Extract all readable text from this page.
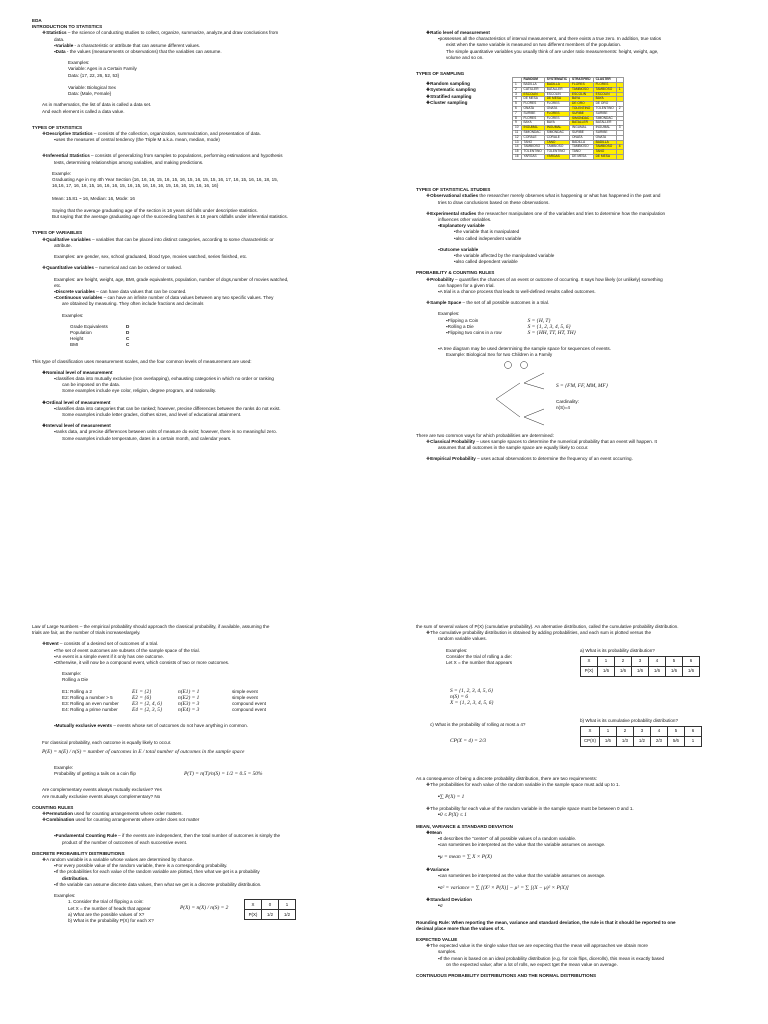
EDA

INTRODUCTION TO STATISTICS

❖ Statistics – the science of conducting studies to collect, organize, summarize, analyze,and draw conclusions from

data.

▪ Variable - a characteristic or attribute that can assume different values.

▪ Data - the values (measurements or observations) that the variables can assume.

Examples:

Variable: Ages in a Certain Family

Data: {17, 22, 26, 52, 53}

Variable: Biological Sex

Data: {Male, Female}

As in mathematics, the list of data is called a data set.

And each element is called a data value.

TYPES OF STATISTICS

❖ Descriptive Statistics – consists of the collection, organization, summarization, and presentation of data.

▪ uses the measures of central tendency (the Triple M a.k.a. mean, median, mode)

❖ Inferential Statistics – consists of generalizing from samples to populations, performing estimations and hypothesis

tests, determining relationships among variables, and making predictions.

Example:

Graduating Age in my 4th Year Section {16, 16, 16, 15, 16, 15, 16, 15, 16, 15, 15, 16, 17, 16, 15, 16, 16, 18, 15,

16,16, 17, 16, 16, 15, 16, 16, 16, 15, 16, 15, 16, 16, 16, 15, 16, 16, 15, 16, 16, 16}

Mean: 15.81 ~ 16, Median: 16, Mode: 16

Saying that the average graduating age of the section is 16 years old falls under descriptive statistics.

But saying that the average graduating age of the succeeding batches is 16 years oldfalls under inferential statistics.

TYPES OF VARIABLES

❖ Qualitative variables – variables that can be placed into distinct categories, according to some characteristic or

attribute.

Examples: are gender, sex, school graduated, blood type, movies watched, series finished, etc.

❖ Quantitative variables – numerical and can be ordered or ranked.

Examples: are height, weight, age, BMI, grade equivalents, population, number of dogs,number of movies watched,

etc.

▪ Discrete variables – can have data values that can be counted.

▪ Continuous variables – can have an infinite number of data values between any two specific values. They

are obtained by measuring. They often include fractions and decimals

Examples:

Grade Equivalents	D

Population	D

Height	C

BMI	C

This type of classification uses measurement scales, and the four common levels of measurement are used:

❖ Nominal level of measurement

▪ classifies data into mutually exclusive (non overlapping), exhausting categories in which no order or ranking

can be imposed on the data.

Some examples include eye color, religion, degree program, and nationality.

❖ Ordinal level of measurement

▪ classifies data into categories that can be ranked; however, precise differences between the ranks do not exist.

Some examples include letter grades, clothes sizes, and level of educational attainment.

❖ Interval level of measurement

▪ ranks data, and precise differences between units of measure do exist; however, there is no meaningful zero.

Some examples include temperature, dates in a certain month, and calendar years.

❖ Ratio level of measurement

▪ possesses all the characteristics of interval measurement, and there exists a true zero. In addition, true ratios

exist when the same variable is measured on two different members of the population.

The simple quantitative variables you usually think of are under ratio measurements: height, weight, age,

volume and so on.

TYPES OF SAMPLING

❖ Random sampling

❖ Systematic sampling

❖ Stratified sampling

❖ Cluster sampling

	RANDOM	SYSTEMATIC	STRATIFIED	CLUSTER	
1	BADILLA	BADILLA	FLORES	FLORES	
2	CATILLER	BATALLER	TAMBIOSO	TAMBIOSO	1
3	ESCOLIN	ESCOLIN	ESCOLIN	ESCOLIN	
4	DE MESA	DE MESA	BAYA	BAYA	
5	FLORES	FLORES	DE ORO	DE ORO	
6	ONATA	ONATA	TOLENTINO	TOLENTINO	2
7	SURIBE	FLORES	SURIBE	SURIBE	
8	FLORES	FLORES	SIMONDAC	SIMONDAC	
9	BAYA	BAYA	BATALLER	BATALLER	
10	INGUMAL	INGUMAL	INGUMAL	INGUMAL	3
11	SIMONDAC	SIMONDAC	SURIBE	SURIBE	
12	CORALE	CORALE	ONATA	ONATA	
13	TANO	TANO	BADILLA	BADILLA	
14	TAMBIOSO	TAMBIOSO	TAMBIOSO	TAMBIOSO	4
15	TOLENTINO	TOLENTINO	TANO	TANO	
16	YARGAS	YARGAS	DE MESA	DE MESA	

TYPES OF STATISTICAL STUDIES

❖ Observational studies the researcher merely observes what is happening or what has happened in the past and

tries to draw conclusions based on these observations.

❖ Experimental studies the researcher manipulates one of the variables and tries to determine how the manipulation

influences other variables.

▪ Explanatory variable

• the variable that is manipulated

• also called independent variable

▪ Outcome variable

• the variable affected by the manipulated variable

• also called dependent variable

PROBABILITY & COUNTING RULES

❖ Probability – quantifies the chances of an event or outcome of occurring. It says how likely (or unlikely) something

can happen for a given trial.

▪ A trial is a chance process that leads to well-defined results called outcomes.

❖ Sample Space – the set of all possible outcomes in a trial.

Examples:

▪ Flipping a Coin	S = {H, T}

▪ Rolling a Die	S = {1, 2, 3, 4, 5, 6}

▪ Flipping two coins in a row	S = {HH, TT, HT, TH}

▪ A tree diagram may be used determining the sample space for sequences of events.

Example: Biological Sex for two Children in a Family

S = {FM, FF, MM, MF}

Cardinality:

n(S)=4

There are two common ways for which probabilities are determined:

❖ Classical Probability – uses sample spaces to determine the numerical probability that an event will happen. It

assumes that all outcomes in the sample space are equally likely to occur.

❖ Empirical Probability – uses actual observations to determine the frequency of an event occurring.

Law of Large Numbers – the empirical probability should approach the classical probability, if available, assuming the

trials are fair, as the number of trials increaseslargely.

❖ Event – consists of a desired set of outcomes of a trial.

▪ The set of event outcomes are subsets of the sample space of the trial.

▪ An event is a simple event if it only has one outcome.

▪ Otherwise, it will now be a compound event, which consists of two or more outcomes.

Example:

Rolling a Die

E1: Rolling a 2	E1 = {2}	n(E1) = 1	simple event

E2: Rolling a number > 5	E2 = {6}	n(E2) = 1	simple event

E3: Rolling an even number E3 = {2, 4, 6}	n(E3) = 3	compound event

E4: Rolling a prime number	E4 = {2, 3, 5}	n(E4) = 3	compound event

▪ Mutually exclusive events – events whose set of outcomes do not have anything in common.

For classical probability, each outcome is equally likely to occur.

P(E) = n(E) / n(S) = number of outcomes in E / total number of outcomes in the sample space

Example:

Probability of getting a tails on a coin flip	P(T) = n(T)/n(S) = 1/2 = 0.5 = 50%

Are complementary events always mutually exclusive? Yes

Are mutually exclusive events always complementary? No

COUNTING RULES

❖ Permutation used for counting arrangements where order matters.

❖ Combination used for counting arrangements where order does not matter

▪ Fundamental Counting Rule – if the events are independent, then the total number of outcomes is simply the

product of the number of outcomes of each successive event.

DISCRETE PROBABILITY DISTRIBUTIONS

❖ A random variable is a variable whose values are determined by chance.

▪ For every possible value of the random variable, there is a corresponding probability.

▪ If the probabilities for each value of the random variable are plotted, then what we get is a probability

distribution.

▪ If the variable can assume discrete data values, then what we get is a discrete probability distribution.

Examples:

1. Consider the trial of flipping a coin:

Let X = the number of heads that appear

a) What are the possible values of X?

b) What is the probability P(X) for each X?

P(X) = n(X) / n(S) = 2
X	0	1
P(X)	1/2	1/2

the sum of several values of P(X) (cumulative probability). An alternative distribution, called the cumulative probability distribution.

❖ The cumulative probability distribution is obtained by adding probabilities, and each sum is plotted versus the

random variable values.

Examples:

Consider the trial of rolling a die:

Let X = the number that appears

S = {1, 2, 3, 4, 5, 6}

n(S) = 6

X = {1, 2, 3, 4, 5, 6}

c) What is the probability of rolling at most a 4?

CP(X = 4) = 2/3

a) What is its probability distribution?

X	1	2	3	4	5	6
P(X)	1/6	1/6	1/6	1/6	1/6	1/6

b) What is its cumulative probability distribution?

X	1	2	3	4	5	6
CP(X)	1/6	1/3	1/2	2/3	5/6	1

As a consequence of being a discrete probability distribution, there are two requirements:

❖ The probabilities for each value of the random variable in the sample space must add up to 1.

▪ ∑ P(X) = 1

❖ The probability for each value of the random variable in the sample space must be between 0 and 1.

▪ 0 ≤ P(X) ≤ 1

MEAN, VARIANCE & STANDARD DEVIATION

❖ Mean

▪ It describes the "center" of all possible values of a random variable.

▪ can sometimes be interpreted as the value that the variable assumes on average.

▪ μ = mean = ∑ X × P(X)

❖ Variance

▪ can sometimes be interpreted as the value that the variable assumes on average.

▪ σ² = variance = ∑ [(X² × P(X)] − μ² = ∑ [(X − μ)² × P(X)]

❖ Standard Deviation

▪ σ

Rounding Rule: When reporting the mean, variance and standard deviation, the rule is that it should be reported to one

decimal place more than the values of X.

EXPECTED VALUE

❖ The expected value is the single value that we are expecting that the mean will approaches we obtain more

samples.

▪ If the mean is based on an ideal probability distribution (e.g. for coin flips, dicerolls), this mean is exactly based

on the expected value; after a lot of rolls, we expect tget the mean value on average.

CONTINUOUS PROBABILITY DISTRIBUTIONS AND THE NORMAL DISTRIBUTIONS
